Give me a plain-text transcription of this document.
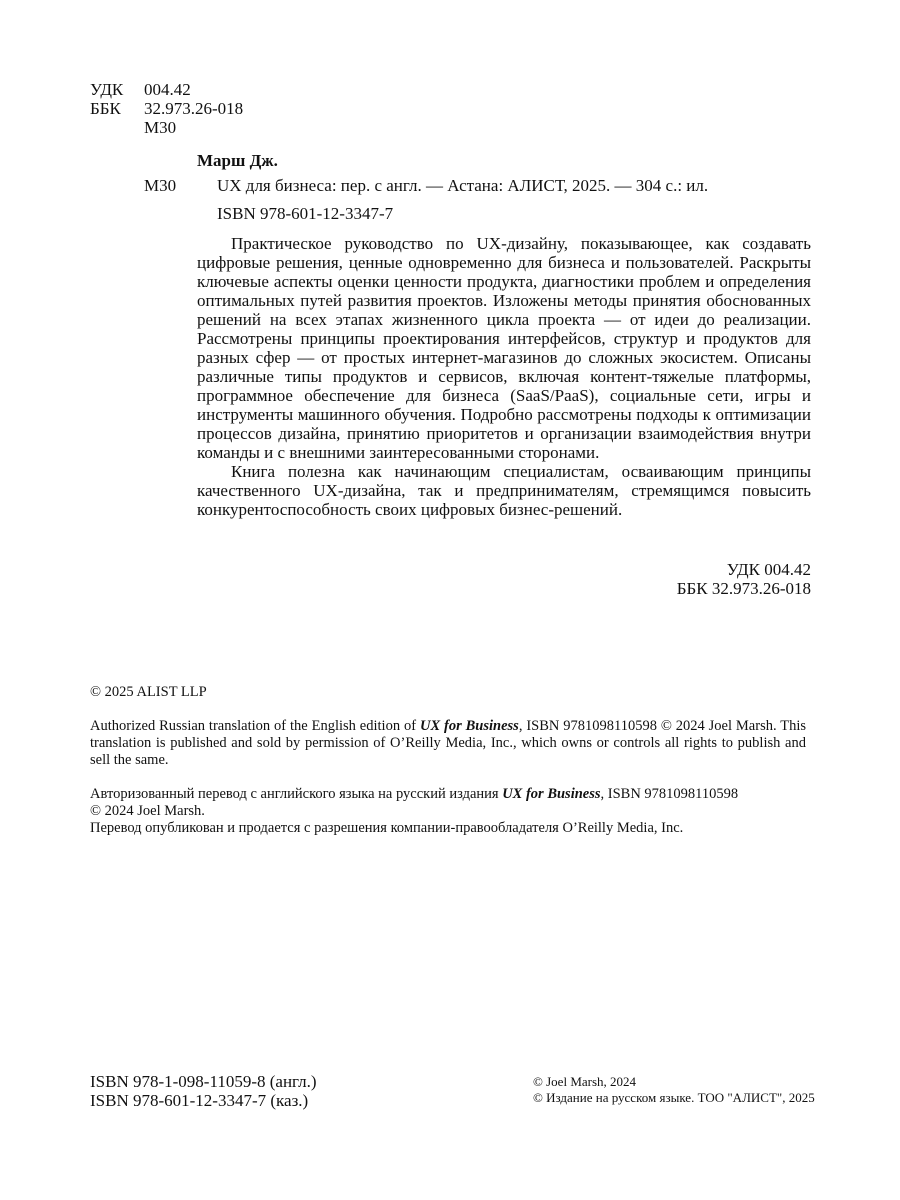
УДК 004.42
ББК 32.973.26-018
М30
Марш Дж.
М30 UX для бизнеса: пер. с англ. — Астана: АЛИСТ, 2025. — 304 с.: ил.
ISBN 978-601-12-3347-7

Практическое руководство по UX-дизайну, показывающее, как создавать цифровые решения, ценные одновременно для бизнеса и пользователей. Раскрыты ключевые аспекты оценки ценности продукта, диагностики проблем и определения оптимальных путей развития проектов. Изложены методы принятия обоснованных решений на всех этапах жизненного цикла проекта — от идеи до реализации. Рассмотрены принципы проектирования интерфейсов, структур и продуктов для разных сфер — от простых интернет-магазинов до сложных экосистем. Описаны различные типы продуктов и сервисов, включая контент-тяжелые платформы, программное обеспечение для бизнеса (SaaS/PaaS), социальные сети, игры и инструменты машинного обучения. Подробно рассмотрены подходы к оптимизации процессов дизайна, принятию приоритетов и организации взаимодействия внутри команды и с внешними заинтересованными сторонами.

Книга полезна как начинающим специалистам, осваивающим принципы качественного UX-дизайна, так и предпринимателям, стремящимся повысить конкурентоспособность своих цифровых бизнес-решений.

УДК 004.42
ББК 32.973.26-018
© 2025 ALIST LLP
Authorized Russian translation of the English edition of UX for Business, ISBN 9781098110598 © 2024 Joel Marsh. This translation is published and sold by permission of O’Reilly Media, Inc., which owns or controls all rights to publish and sell the same.
Авторизованный перевод с английского языка на русский издания UX for Business, ISBN 9781098110598
© 2024 Joel Marsh.
Перевод опубликован и продается с разрешения компании-правообладателя O’Reilly Media, Inc.
ISBN 978-1-098-11059-8 (англ.)
ISBN 978-601-12-3347-7 (каз.)
© Joel Marsh, 2024
© Издание на русском языке. ТОО "АЛИСТ", 2025
